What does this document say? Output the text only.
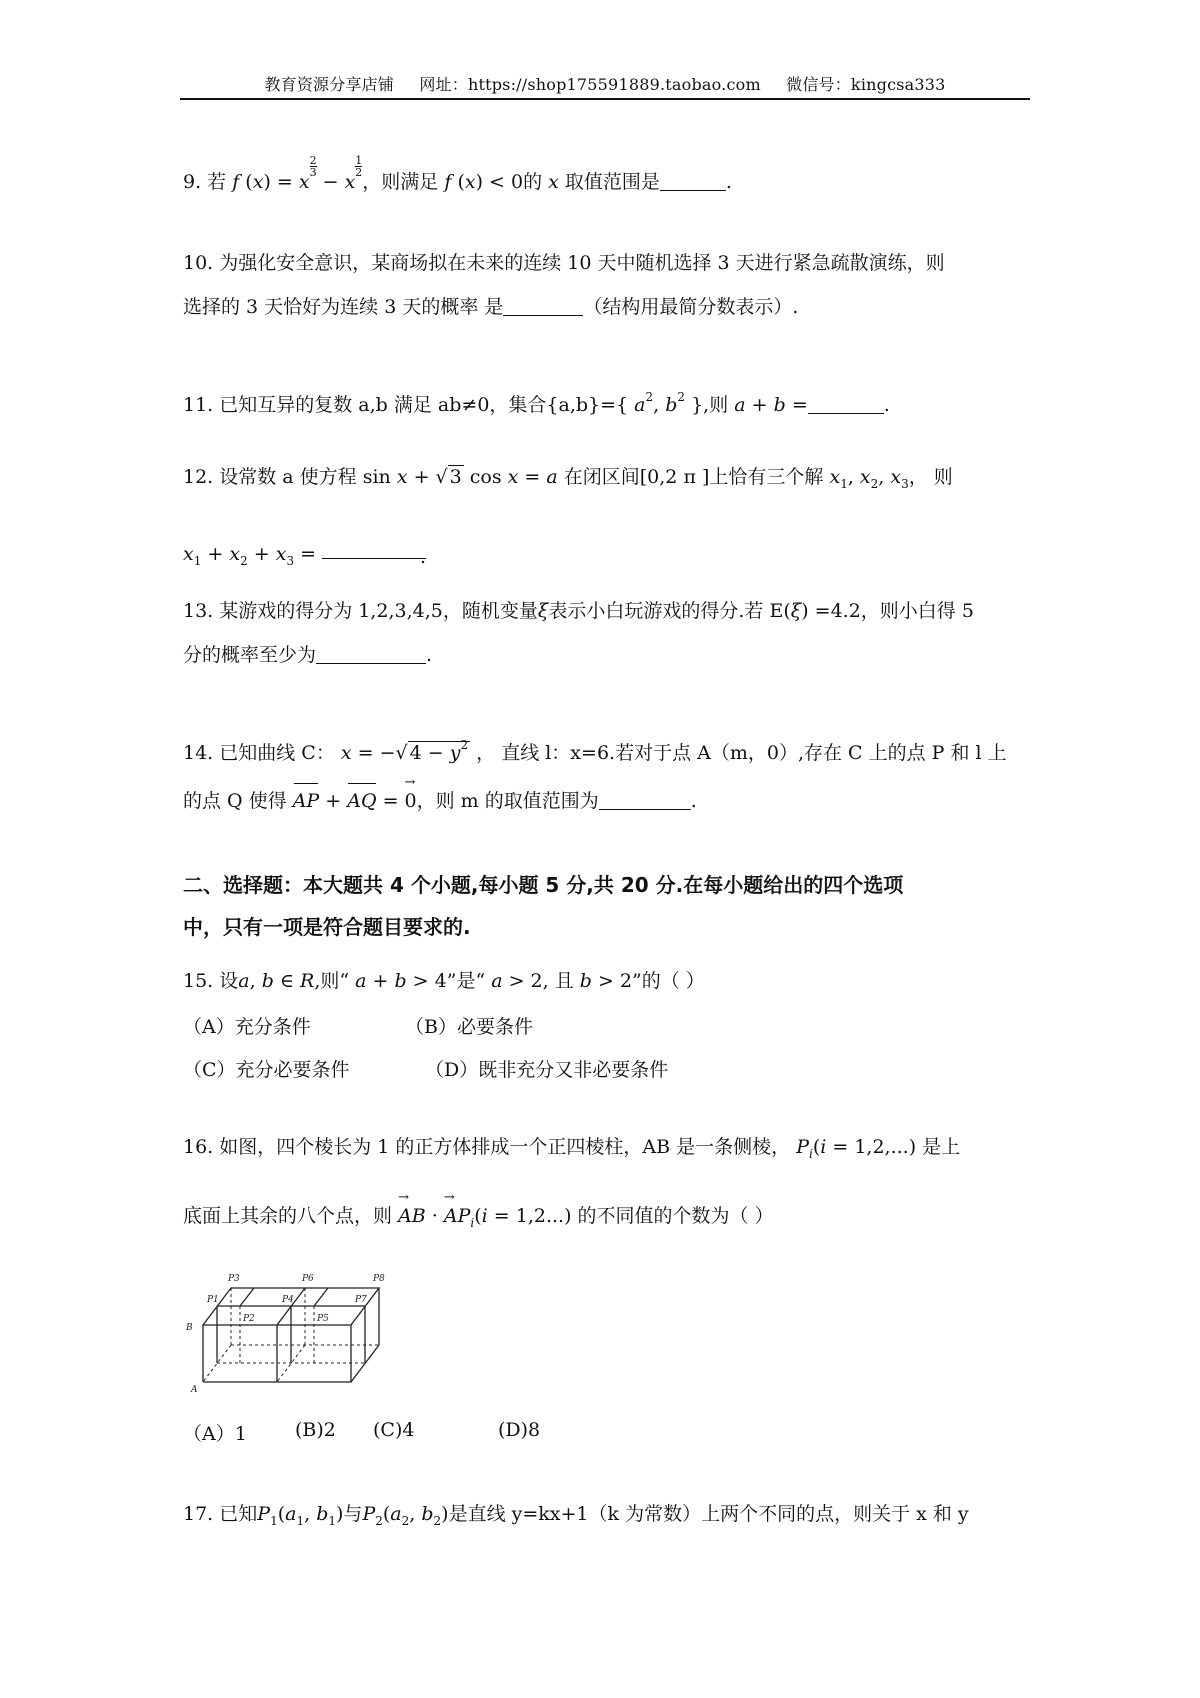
教育资源分享店铺 网址：https://shop175591889.taobao.com 微信号：kingcsa333
9. 若 f (x) = x
$\frac{2}{3}$
− x
$\frac{1}{2}$
，则满足 f (x) < 0的 x 取值范围是	.
10. 为强化安全意识，某商场拟在未来的连续 10 天中随机选择 3 天进行紧急疏散演练，则
选择的 3 天恰好为连续 3 天的概率 是	（结构用最简分数表示）.
11. 已知互异的复数 a,b 满足 ab≠0，集合{a,b}={ $a^2$, $b^2$ },则 a + b =	.
12. 设常数 a 使方程 sin x + √ 3 cos x = a 在闭区间[0,2 π ]上恰有三个解 $x_1$, $x_2$, $x_3$， 则
$x_1 + x_2 + x_3$ =	.
13. 某游戏的得分为 1,2,3,4,5，随机变量ξ表示小白玩游戏的得分.若 E(ξ) =4.2，则小白得 5
分的概率至少为	.
14. 已知曲线 C： x = −√ $4 - y^2$ ， 直线 l：x=6.若对于点 A（m，0）,存在 C 上的点 P 和 l 上
的点 Q 使得 AP + AQ = → 0，则 m 的取值范围为	.
二、选择题：本大题共 4 个小题,每小题 5 分,共 20 分.在每小题给出的四个选项
中，只有一项是符合题目要求的.
15. 设a, b ∈ R,则“ a + b > 4”是“ a > 2, 且 b > 2”的（ ）
（A）充分条件	（B）必要条件
（C）充分必要条件	（D）既非充分又非必要条件
16. 如图，四个棱长为 1 的正方体排成一个正四棱柱，AB 是一条侧棱， $P_i(i = 1,2,...)$ 是上
底面上其余的八个点，则 → AB · → $AP_i(i = 1,2...)$ 的不同值的个数为（ ）
B
A
P3	P6	P8
P1	P4	P7
P2	P5
（A）1	(B)2 (C)4	(D)8
17. 已知$P_1(a_1$, $b_1$)与$P_2(a_2$, $b_2$)是直线 y=kx+1（k 为常数）上两个不同的点，则关于 x 和 y
